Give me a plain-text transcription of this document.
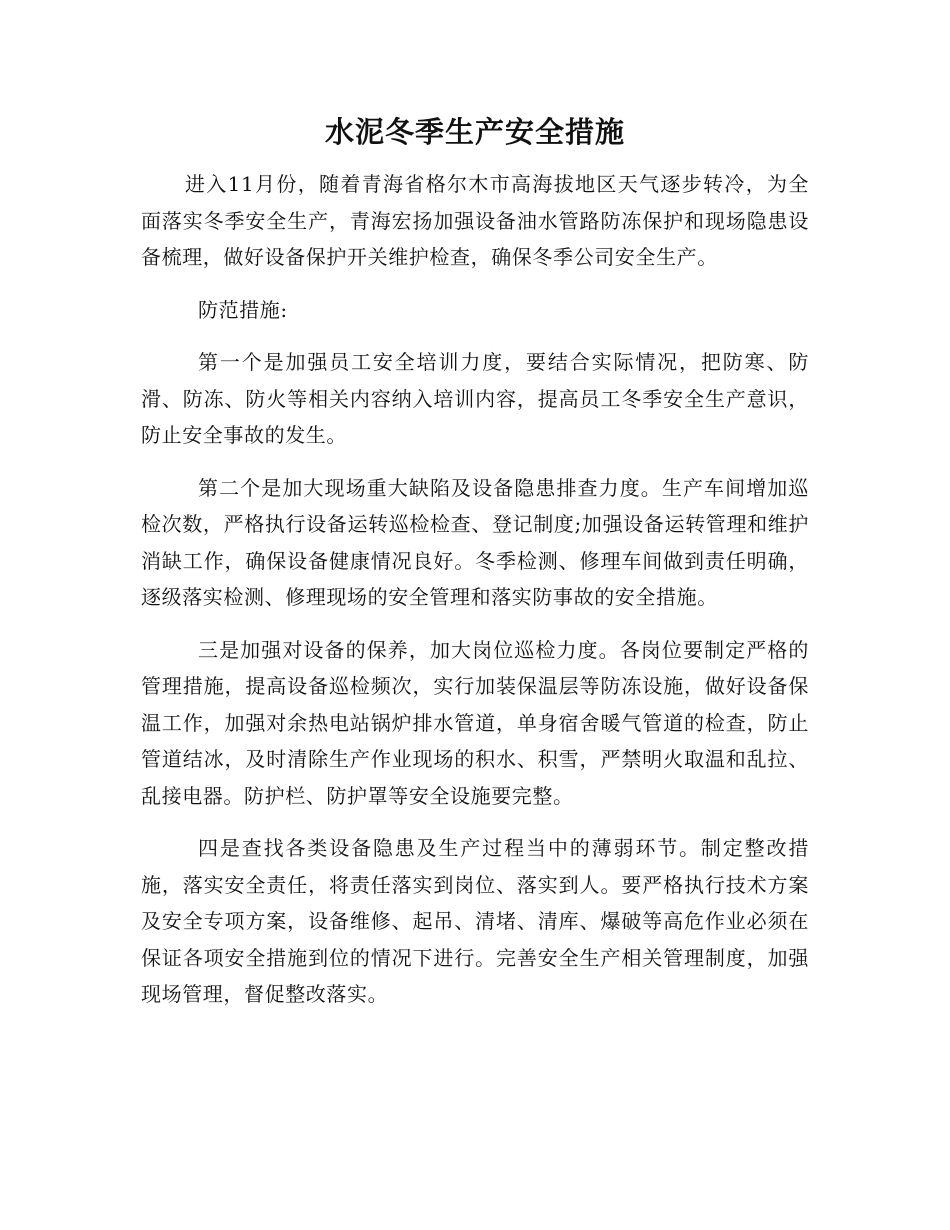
水泥冬季生产安全措施

进入11月份，随着青海省格尔木市高海拔地区天气逐步转冷，为全面落实冬季安全生产，青海宏扬加强设备油水管路防冻保护和现场隐患设备梳理，做好设备保护开关维护检查，确保冬季公司安全生产。

防范措施:

第一个是加强员工安全培训力度，要结合实际情况，把防寒、防滑、防冻、防火等相关内容纳入培训内容，提高员工冬季安全生产意识，防止安全事故的发生。

第二个是加大现场重大缺陷及设备隐患排查力度。生产车间增加巡检次数，严格执行设备运转巡检检查、登记制度;加强设备运转管理和维护消缺工作，确保设备健康情况良好。冬季检测、修理车间做到责任明确，逐级落实检测、修理现场的安全管理和落实防事故的安全措施。

三是加强对设备的保养，加大岗位巡检力度。各岗位要制定严格的管理措施，提高设备巡检频次，实行加装保温层等防冻设施，做好设备保温工作，加强对余热电站锅炉排水管道，单身宿舍暖气管道的检查，防止管道结冰，及时清除生产作业现场的积水、积雪，严禁明火取温和乱拉、乱接电器。防护栏、防护罩等安全设施要完整。

四是查找各类设备隐患及生产过程当中的薄弱环节。制定整改措施，落实安全责任，将责任落实到岗位、落实到人。要严格执行技术方案及安全专项方案，设备维修、起吊、清堵、清库、爆破等高危作业必须在保证各项安全措施到位的情况下进行。完善安全生产相关管理制度，加强现场管理，督促整改落实。
